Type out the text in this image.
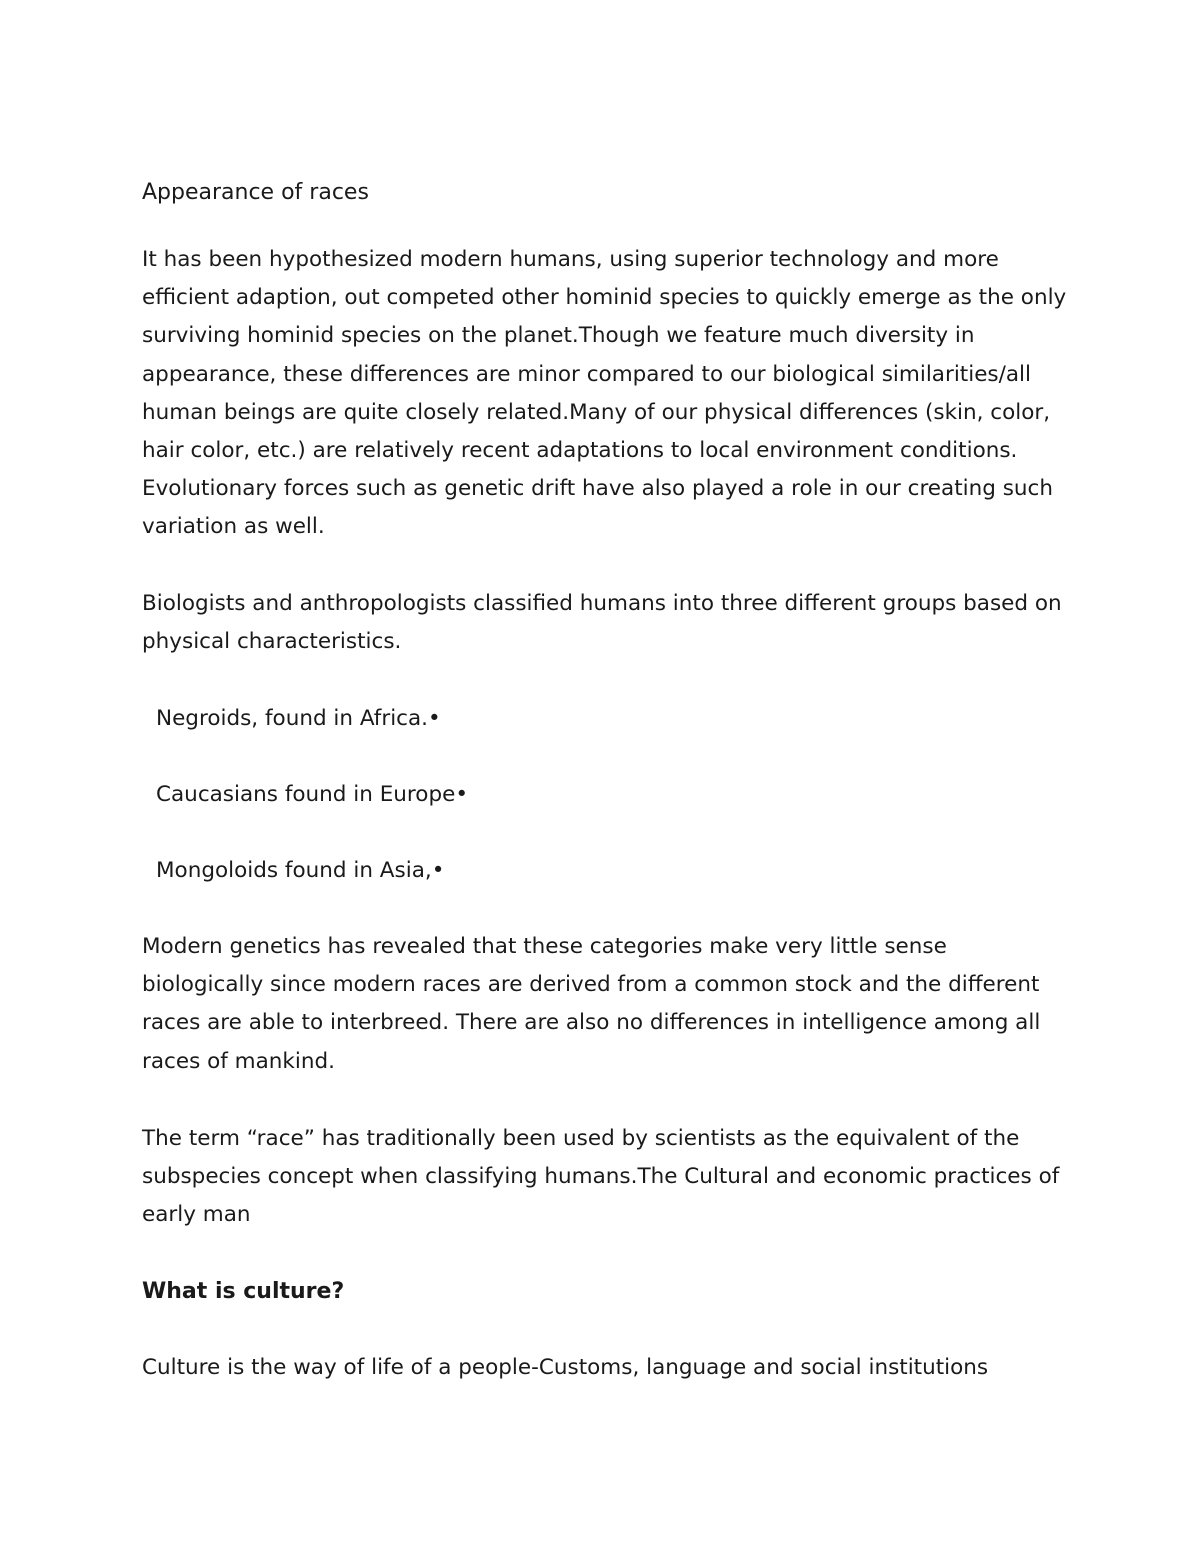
Appearance of races

It has been hypothesized modern humans, using superior technology and more efficient adaption, out competed other hominid species to quickly emerge as the only surviving hominid species on the planet.Though we feature much diversity in appearance, these differences are minor compared to our biological similarities/all human beings are quite closely related.Many of our physical differences (skin, color, hair color, etc.) are relatively recent adaptations to local environment conditions. Evolutionary forces such as genetic drift have also played a role in our creating such variation as well.

Biologists and anthropologists classified humans into three different groups based on physical characteristics.

Negroids, found in Africa.•

Caucasians found in Europe•

Mongoloids found in Asia,•

Modern genetics has revealed that these categories make very little sense biologically since modern races are derived from a common stock and the different races are able to interbreed. There are also no differences in intelligence among all races of mankind.

The term “race” has traditionally been used by scientists as the equivalent of the subspecies concept when classifying humans.The Cultural and economic practices of early man

What is culture?

Culture is the way of life of a people-Customs, language and social institutions
